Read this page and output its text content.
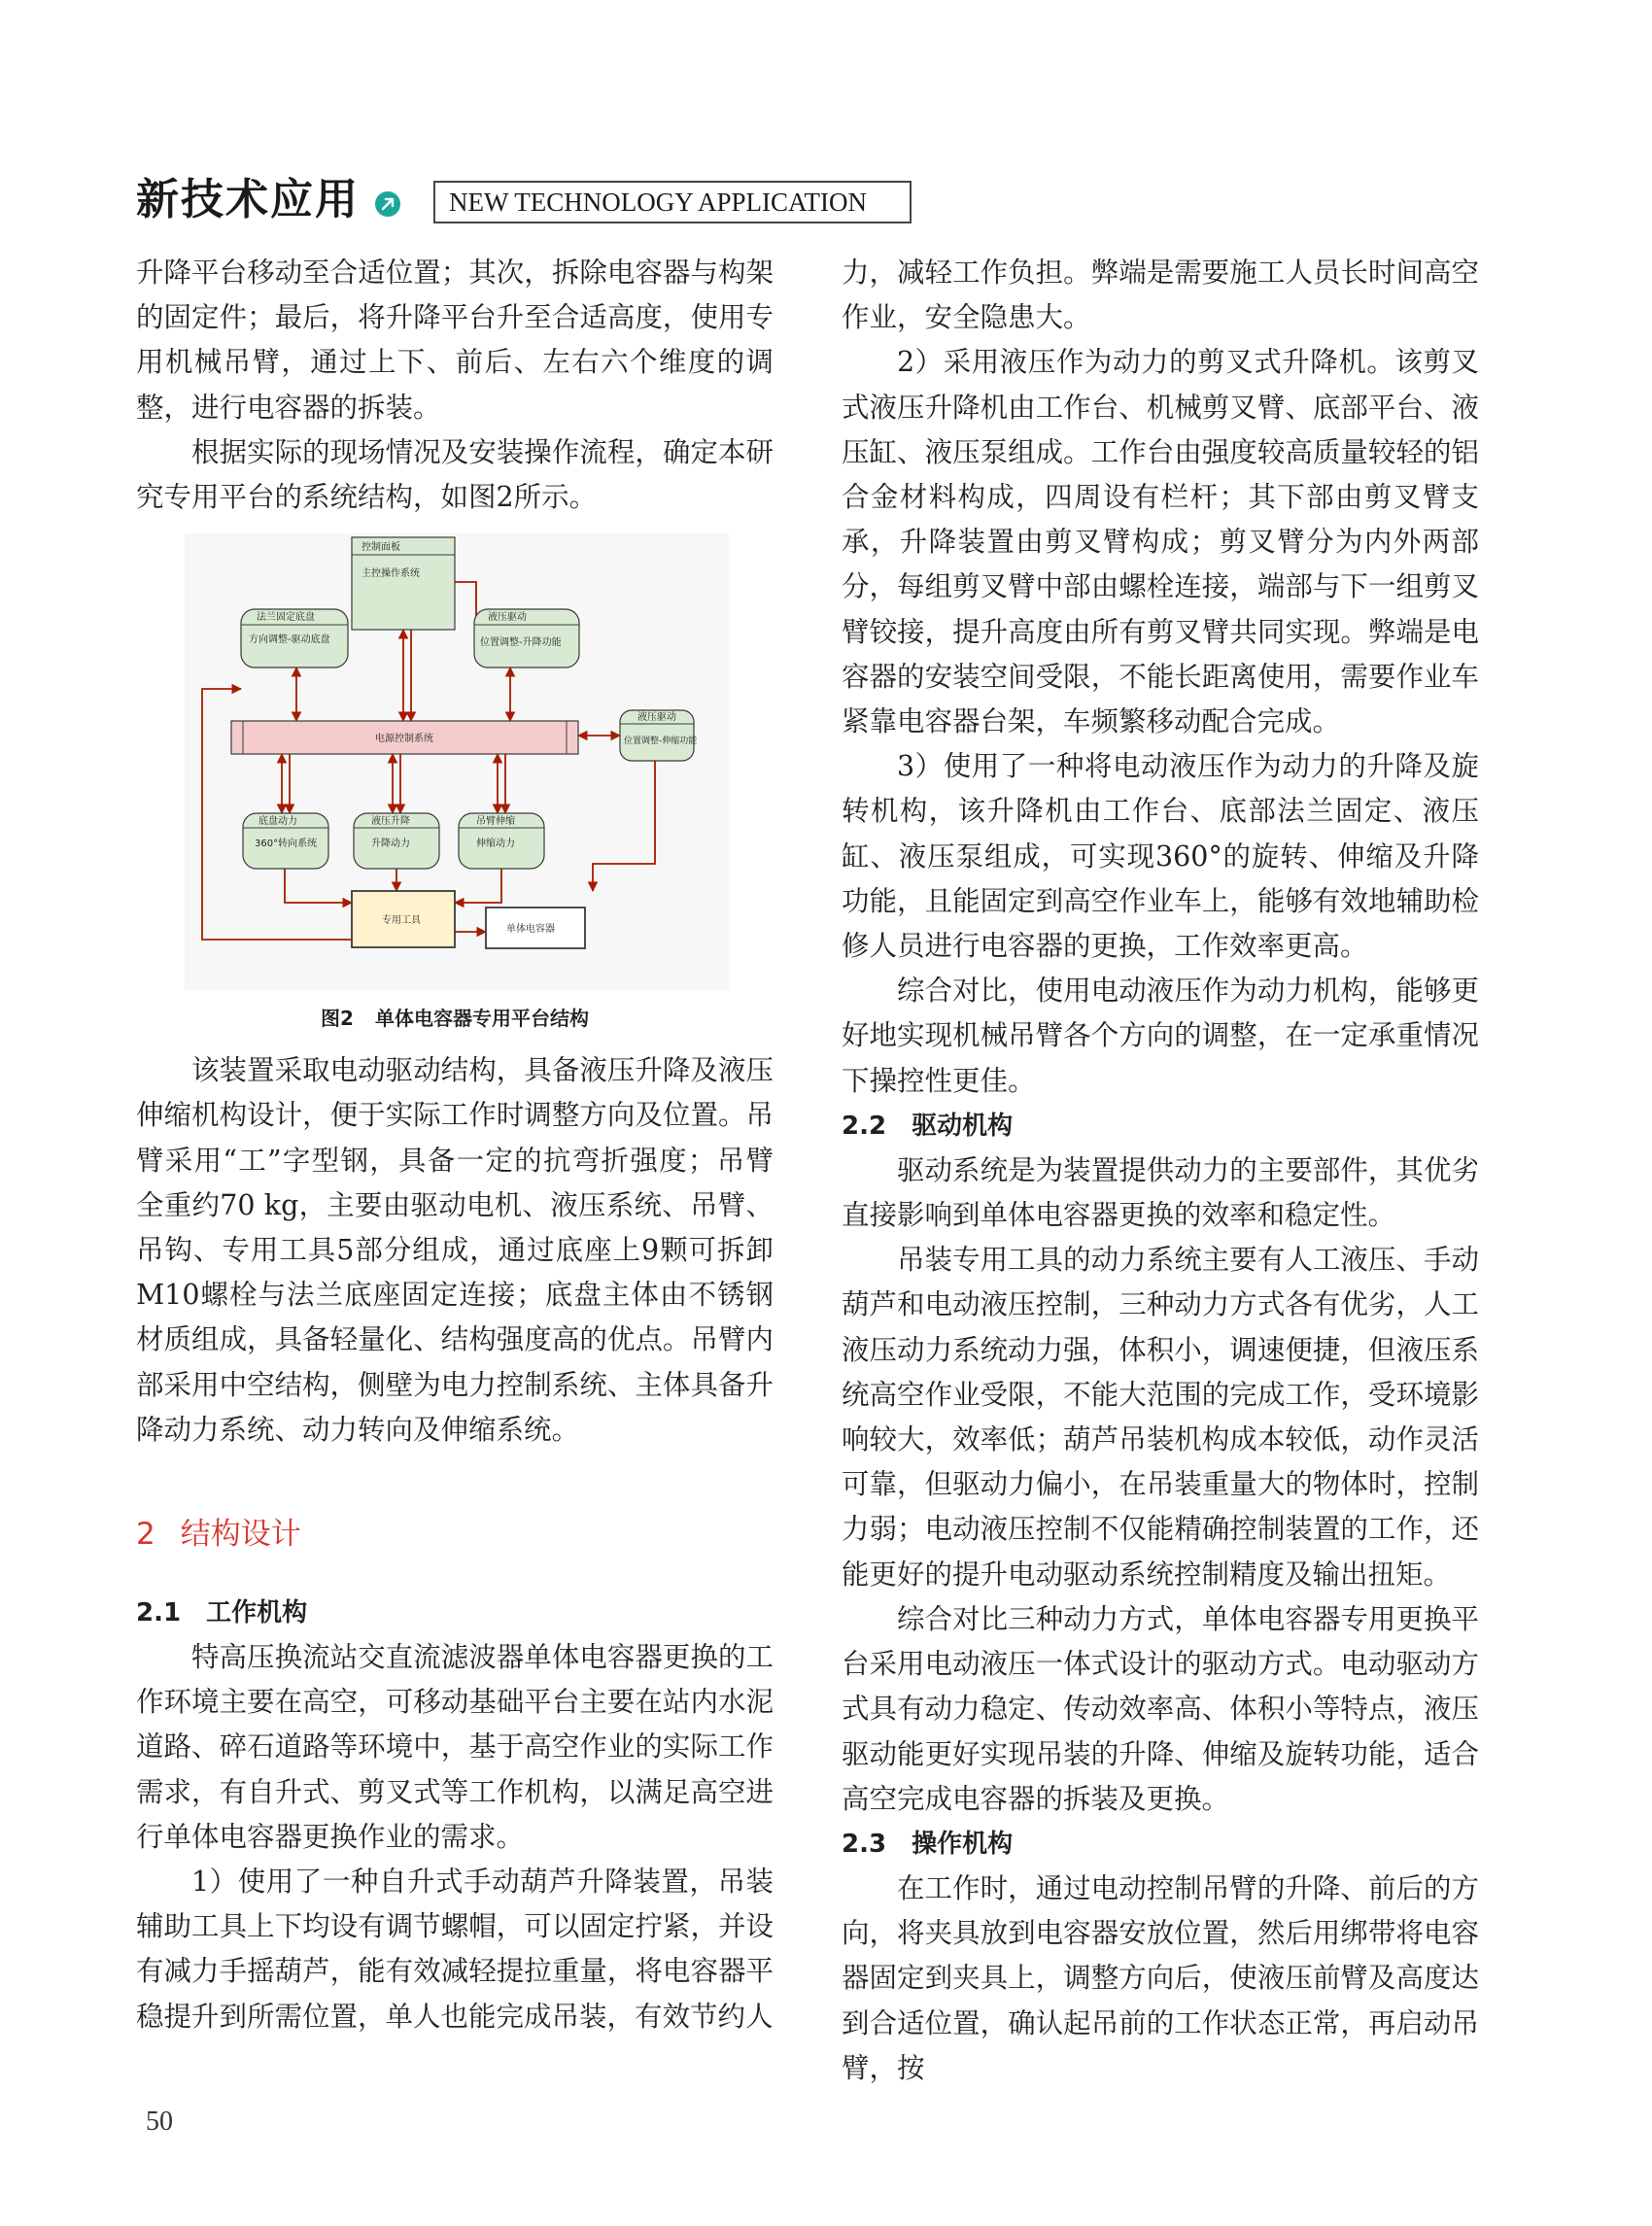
新技术应用	NEW TECHNOLOGY APPLICATION

升降平台移动至合适位置；其次，拆除电容器与构架的固定件；最后，将升降平台升至合适高度，使用专用机械吊臂，通过上下、前后、左右六个维度的调整，进行电容器的拆装。

根据实际的现场情况及安装操作流程，确定本研究专用平台的系统结构，如图2所示。

控制面板
主控操作系统
法兰固定底盘
方向调整-驱动底盘
液压驱动
位置调整-升降功能
电源控制系统
液压驱动
位置调整-伸缩功能
底盘动力
360°转向系统
液压升降
升降动力
吊臂伸缩
伸缩动力
专用工具
单体电容器
图2 单体电容器专用平台结构

该装置采取电动驱动结构，具备液压升降及液压伸缩机构设计，便于实际工作时调整方向及位置。吊臂采用“工”字型钢，具备一定的抗弯折强度；吊臂全重约70 kg，主要由驱动电机、液压系统、吊臂、吊钩、专用工具5部分组成，通过底座上9颗可拆卸M10螺栓与法兰底座固定连接；底盘主体由不锈钢材质组成，具备轻量化、结构强度高的优点。吊臂内部采用中空结构，侧壁为电力控制系统、主体具备升降动力系统、动力转向及伸缩系统。

2 结构设计
2.1 工作机构

特高压换流站交直流滤波器单体电容器更换的工作环境主要在高空，可移动基础平台主要在站内水泥道路、碎石道路等环境中，基于高空作业的实际工作需求，有自升式、剪叉式等工作机构，以满足高空进行单体电容器更换作业的需求。

1）使用了一种自升式手动葫芦升降装置，吊装辅助工具上下均设有调节螺帽，可以固定拧紧，并设有减力手摇葫芦，能有效减轻提拉重量，将电容器平稳提升到所需位置，单人也能完成吊装，有效节约人

力，减轻工作负担。弊端是需要施工人员长时间高空作业，安全隐患大。

2）采用液压作为动力的剪叉式升降机。该剪叉式液压升降机由工作台、机械剪叉臂、底部平台、液压缸、液压泵组成。工作台由强度较高质量较轻的铝合金材料构成，四周设有栏杆；其下部由剪叉臂支承，升降装置由剪叉臂构成；剪叉臂分为内外两部分，每组剪叉臂中部由螺栓连接，端部与下一组剪叉臂铰接，提升高度由所有剪叉臂共同实现。弊端是电容器的安装空间受限，不能长距离使用，需要作业车紧靠电容器台架，车频繁移动配合完成。

3）使用了一种将电动液压作为动力的升降及旋转机构，该升降机由工作台、底部法兰固定、液压缸、液压泵组成，可实现360°的旋转、伸缩及升降功能，且能固定到高空作业车上，能够有效地辅助检修人员进行电容器的更换，工作效率更高。

综合对比，使用电动液压作为动力机构，能够更好地实现机械吊臂各个方向的调整，在一定承重情况下操控性更佳。

2.2 驱动机构

驱动系统是为装置提供动力的主要部件，其优劣直接影响到单体电容器更换的效率和稳定性。

吊装专用工具的动力系统主要有人工液压、手动葫芦和电动液压控制，三种动力方式各有优劣，人工液压动力系统动力强，体积小，调速便捷，但液压系统高空作业受限，不能大范围的完成工作，受环境影响较大，效率低；葫芦吊装机构成本较低，动作灵活可靠，但驱动力偏小，在吊装重量大的物体时，控制力弱；电动液压控制不仅能精确控制装置的工作，还能更好的提升电动驱动系统控制精度及输出扭矩。

综合对比三种动力方式，单体电容器专用更换平台采用电动液压一体式设计的驱动方式。电动驱动方式具有动力稳定、传动效率高、体积小等特点，液压驱动能更好实现吊装的升降、伸缩及旋转功能，适合高空完成电容器的拆装及更换。

2.3 操作机构

在工作时，通过电动控制吊臂的升降、前后的方向，将夹具放到电容器安放位置，然后用绑带将电容器固定到夹具上，调整方向后，使液压前臂及高度达到合适位置，确认起吊前的工作状态正常，再启动吊臂，按

50
